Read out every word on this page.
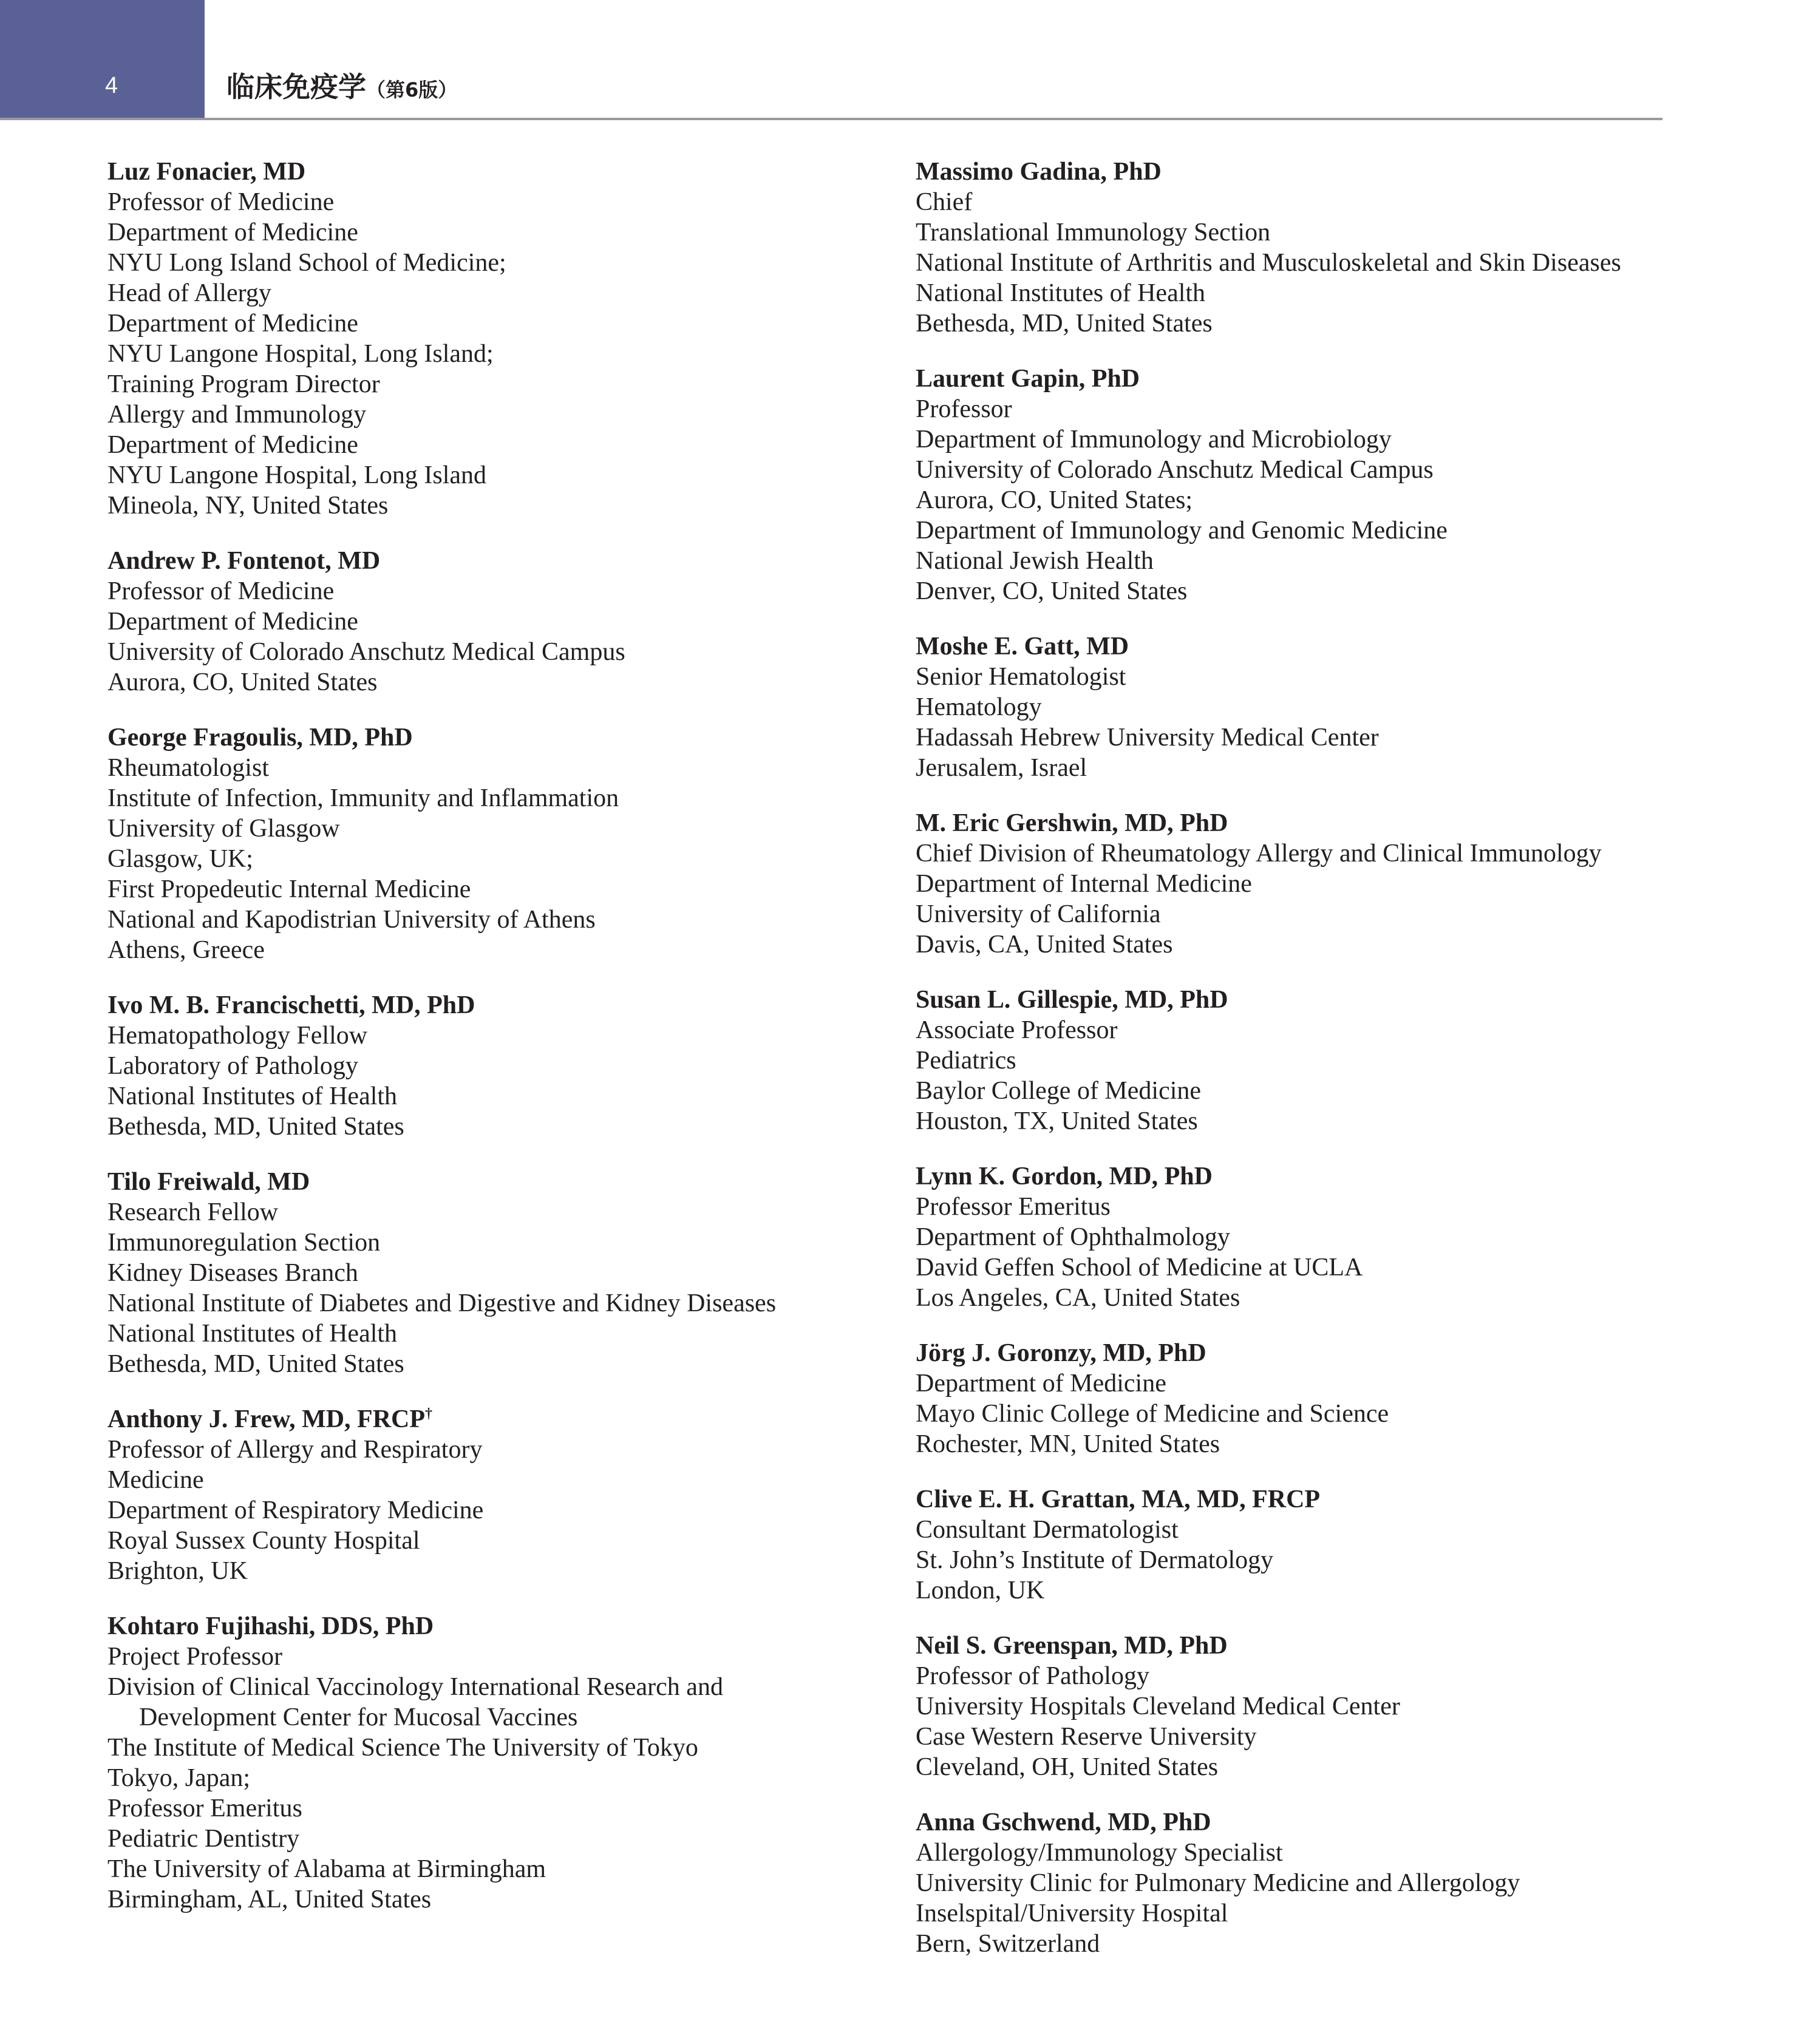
4	临床免疫学（第6版）
Luz Fonacier, MD
Professor of Medicine
Department of Medicine
NYU Long Island School of Medicine;
Head of Allergy
Department of Medicine
NYU Langone Hospital, Long Island;
Training Program Director
Allergy and Immunology
Department of Medicine
NYU Langone Hospital, Long Island
Mineola, NY, United States
Andrew P. Fontenot, MD
Professor of Medicine
Department of Medicine
University of Colorado Anschutz Medical Campus
Aurora, CO, United States
George Fragoulis, MD, PhD
Rheumatologist
Institute of Infection, Immunity and Inflammation
University of Glasgow
Glasgow, UK;
First Propedeutic Internal Medicine
National and Kapodistrian University of Athens
Athens, Greece
Ivo M. B. Francischetti, MD, PhD
Hematopathology Fellow
Laboratory of Pathology
National Institutes of Health
Bethesda, MD, United States
Tilo Freiwald, MD
Research Fellow
Immunoregulation Section
Kidney Diseases Branch
National Institute of Diabetes and Digestive and Kidney Diseases
National Institutes of Health
Bethesda, MD, United States
Anthony J. Frew, MD, FRCP†
Professor of Allergy and Respiratory
Medicine
Department of Respiratory Medicine
Royal Sussex County Hospital
Brighton, UK
Kohtaro Fujihashi, DDS, PhD
Project Professor
Division of Clinical Vaccinology International Research and
Development Center for Mucosal Vaccines
The Institute of Medical Science The University of Tokyo
Tokyo, Japan;
Professor Emeritus
Pediatric Dentistry
The University of Alabama at Birmingham
Birmingham, AL, United States
Massimo Gadina, PhD
Chief
Translational Immunology Section
National Institute of Arthritis and Musculoskeletal and Skin Diseases
National Institutes of Health
Bethesda, MD, United States
Laurent Gapin, PhD
Professor
Department of Immunology and Microbiology
University of Colorado Anschutz Medical Campus
Aurora, CO, United States;
Department of Immunology and Genomic Medicine
National Jewish Health
Denver, CO, United States
Moshe E. Gatt, MD
Senior Hematologist
Hematology
Hadassah Hebrew University Medical Center
Jerusalem, Israel
M. Eric Gershwin, MD, PhD
Chief Division of Rheumatology Allergy and Clinical Immunology
Department of Internal Medicine
University of California
Davis, CA, United States
Susan L. Gillespie, MD, PhD
Associate Professor
Pediatrics
Baylor College of Medicine
Houston, TX, United States
Lynn K. Gordon, MD, PhD
Professor Emeritus
Department of Ophthalmology
David Geffen School of Medicine at UCLA
Los Angeles, CA, United States
Jörg J. Goronzy, MD, PhD
Department of Medicine
Mayo Clinic College of Medicine and Science
Rochester, MN, United States
Clive E. H. Grattan, MA, MD, FRCP
Consultant Dermatologist
St. John’s Institute of Dermatology
London, UK
Neil S. Greenspan, MD, PhD
Professor of Pathology
University Hospitals Cleveland Medical Center
Case Western Reserve University
Cleveland, OH, United States
Anna Gschwend, MD, PhD
Allergology/Immunology Specialist
University Clinic for Pulmonary Medicine and Allergology
Inselspital/University Hospital
Bern, Switzerland
